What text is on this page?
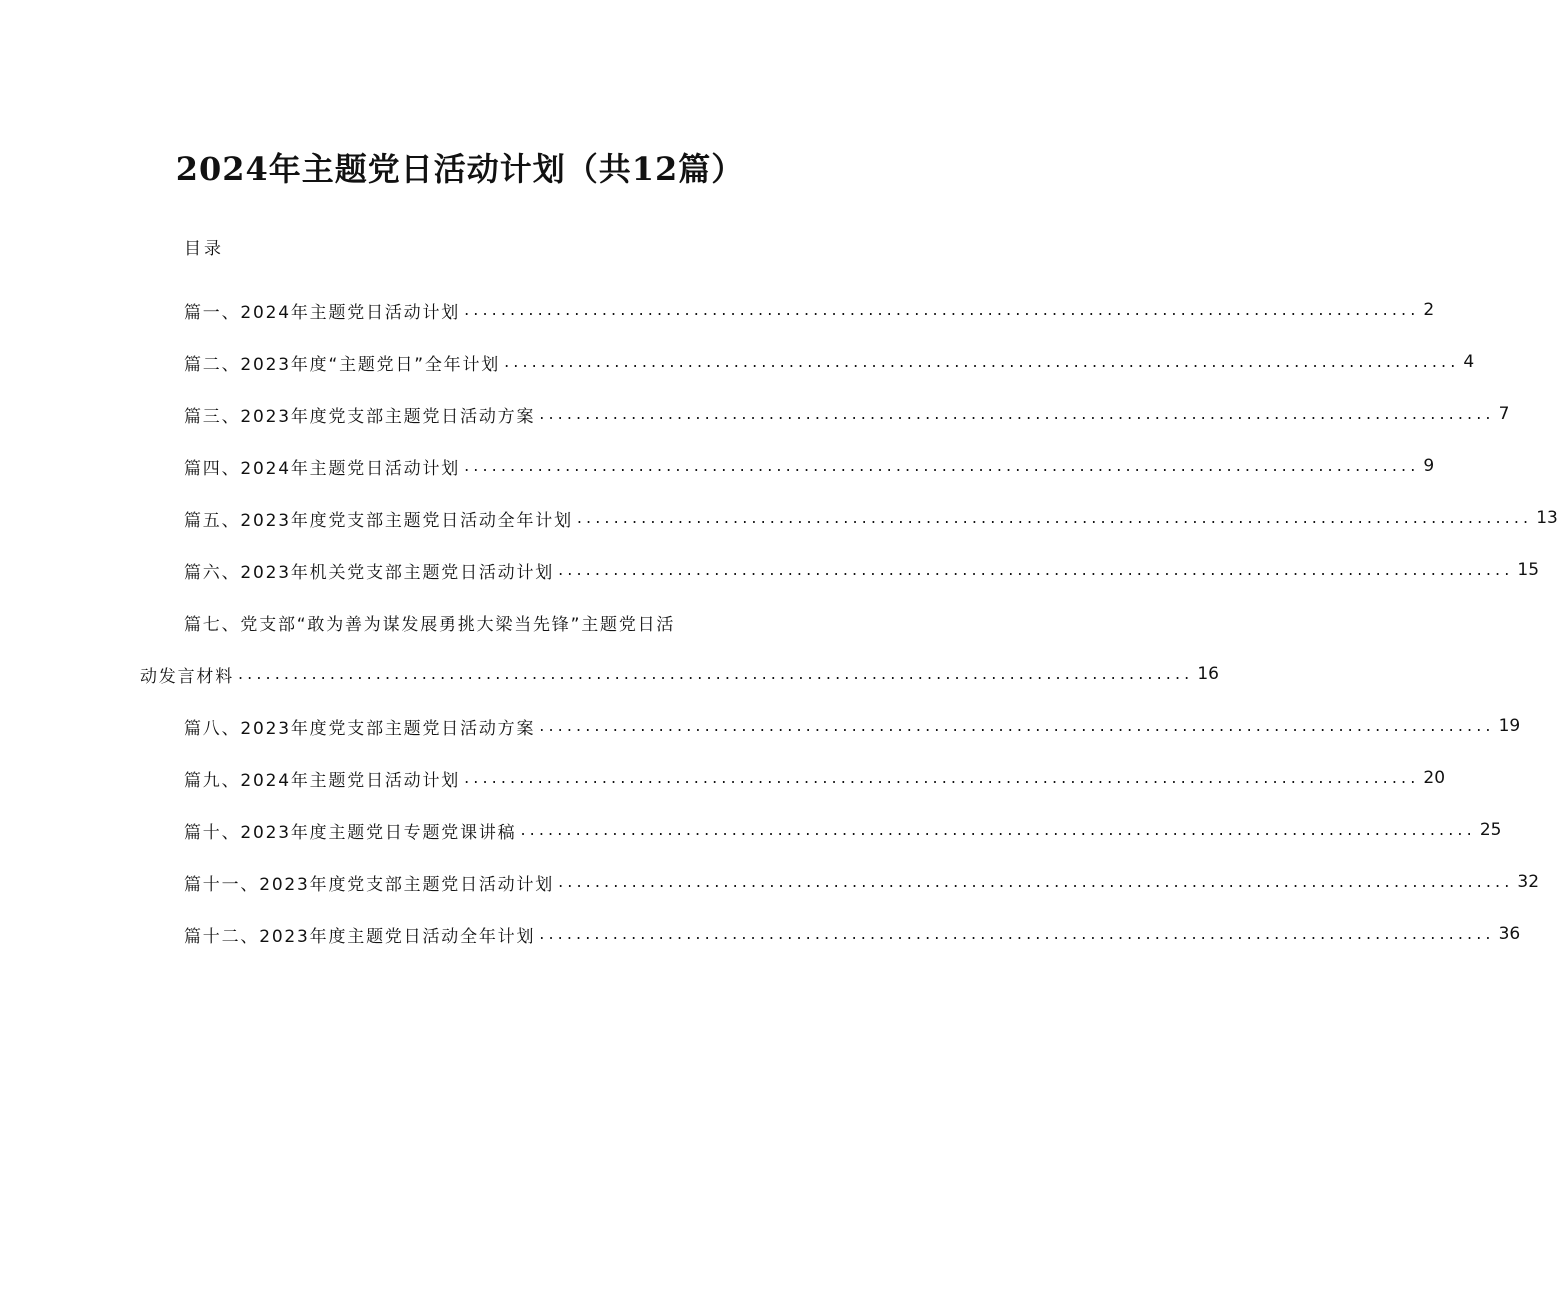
2024年主题党日活动计划（共12篇）
目录
篇一、2024年主题党日活动计划 ........................................................................................................ 2
篇二、2023年度“主题党日”全年计划 ........................................................................................................ 4
篇三、2023年度党支部主题党日活动方案 ........................................................................................................ 7
篇四、2024年主题党日活动计划 ........................................................................................................ 9
篇五、2023年度党支部主题党日活动全年计划 ........................................................................................................ 13
篇六、2023年机关党支部主题党日活动计划 ........................................................................................................ 15
篇七、党支部“敢为善为谋发展勇挑大梁当先锋”主题党日活
动发言材料 ........................................................................................................ 16
篇八、2023年度党支部主题党日活动方案 ........................................................................................................ 19
篇九、2024年主题党日活动计划 ........................................................................................................ 20
篇十、2023年度主题党日专题党课讲稿 ........................................................................................................ 25
篇十一、2023年度党支部主题党日活动计划 ........................................................................................................ 32
篇十二、2023年度主题党日活动全年计划 ........................................................................................................ 36
